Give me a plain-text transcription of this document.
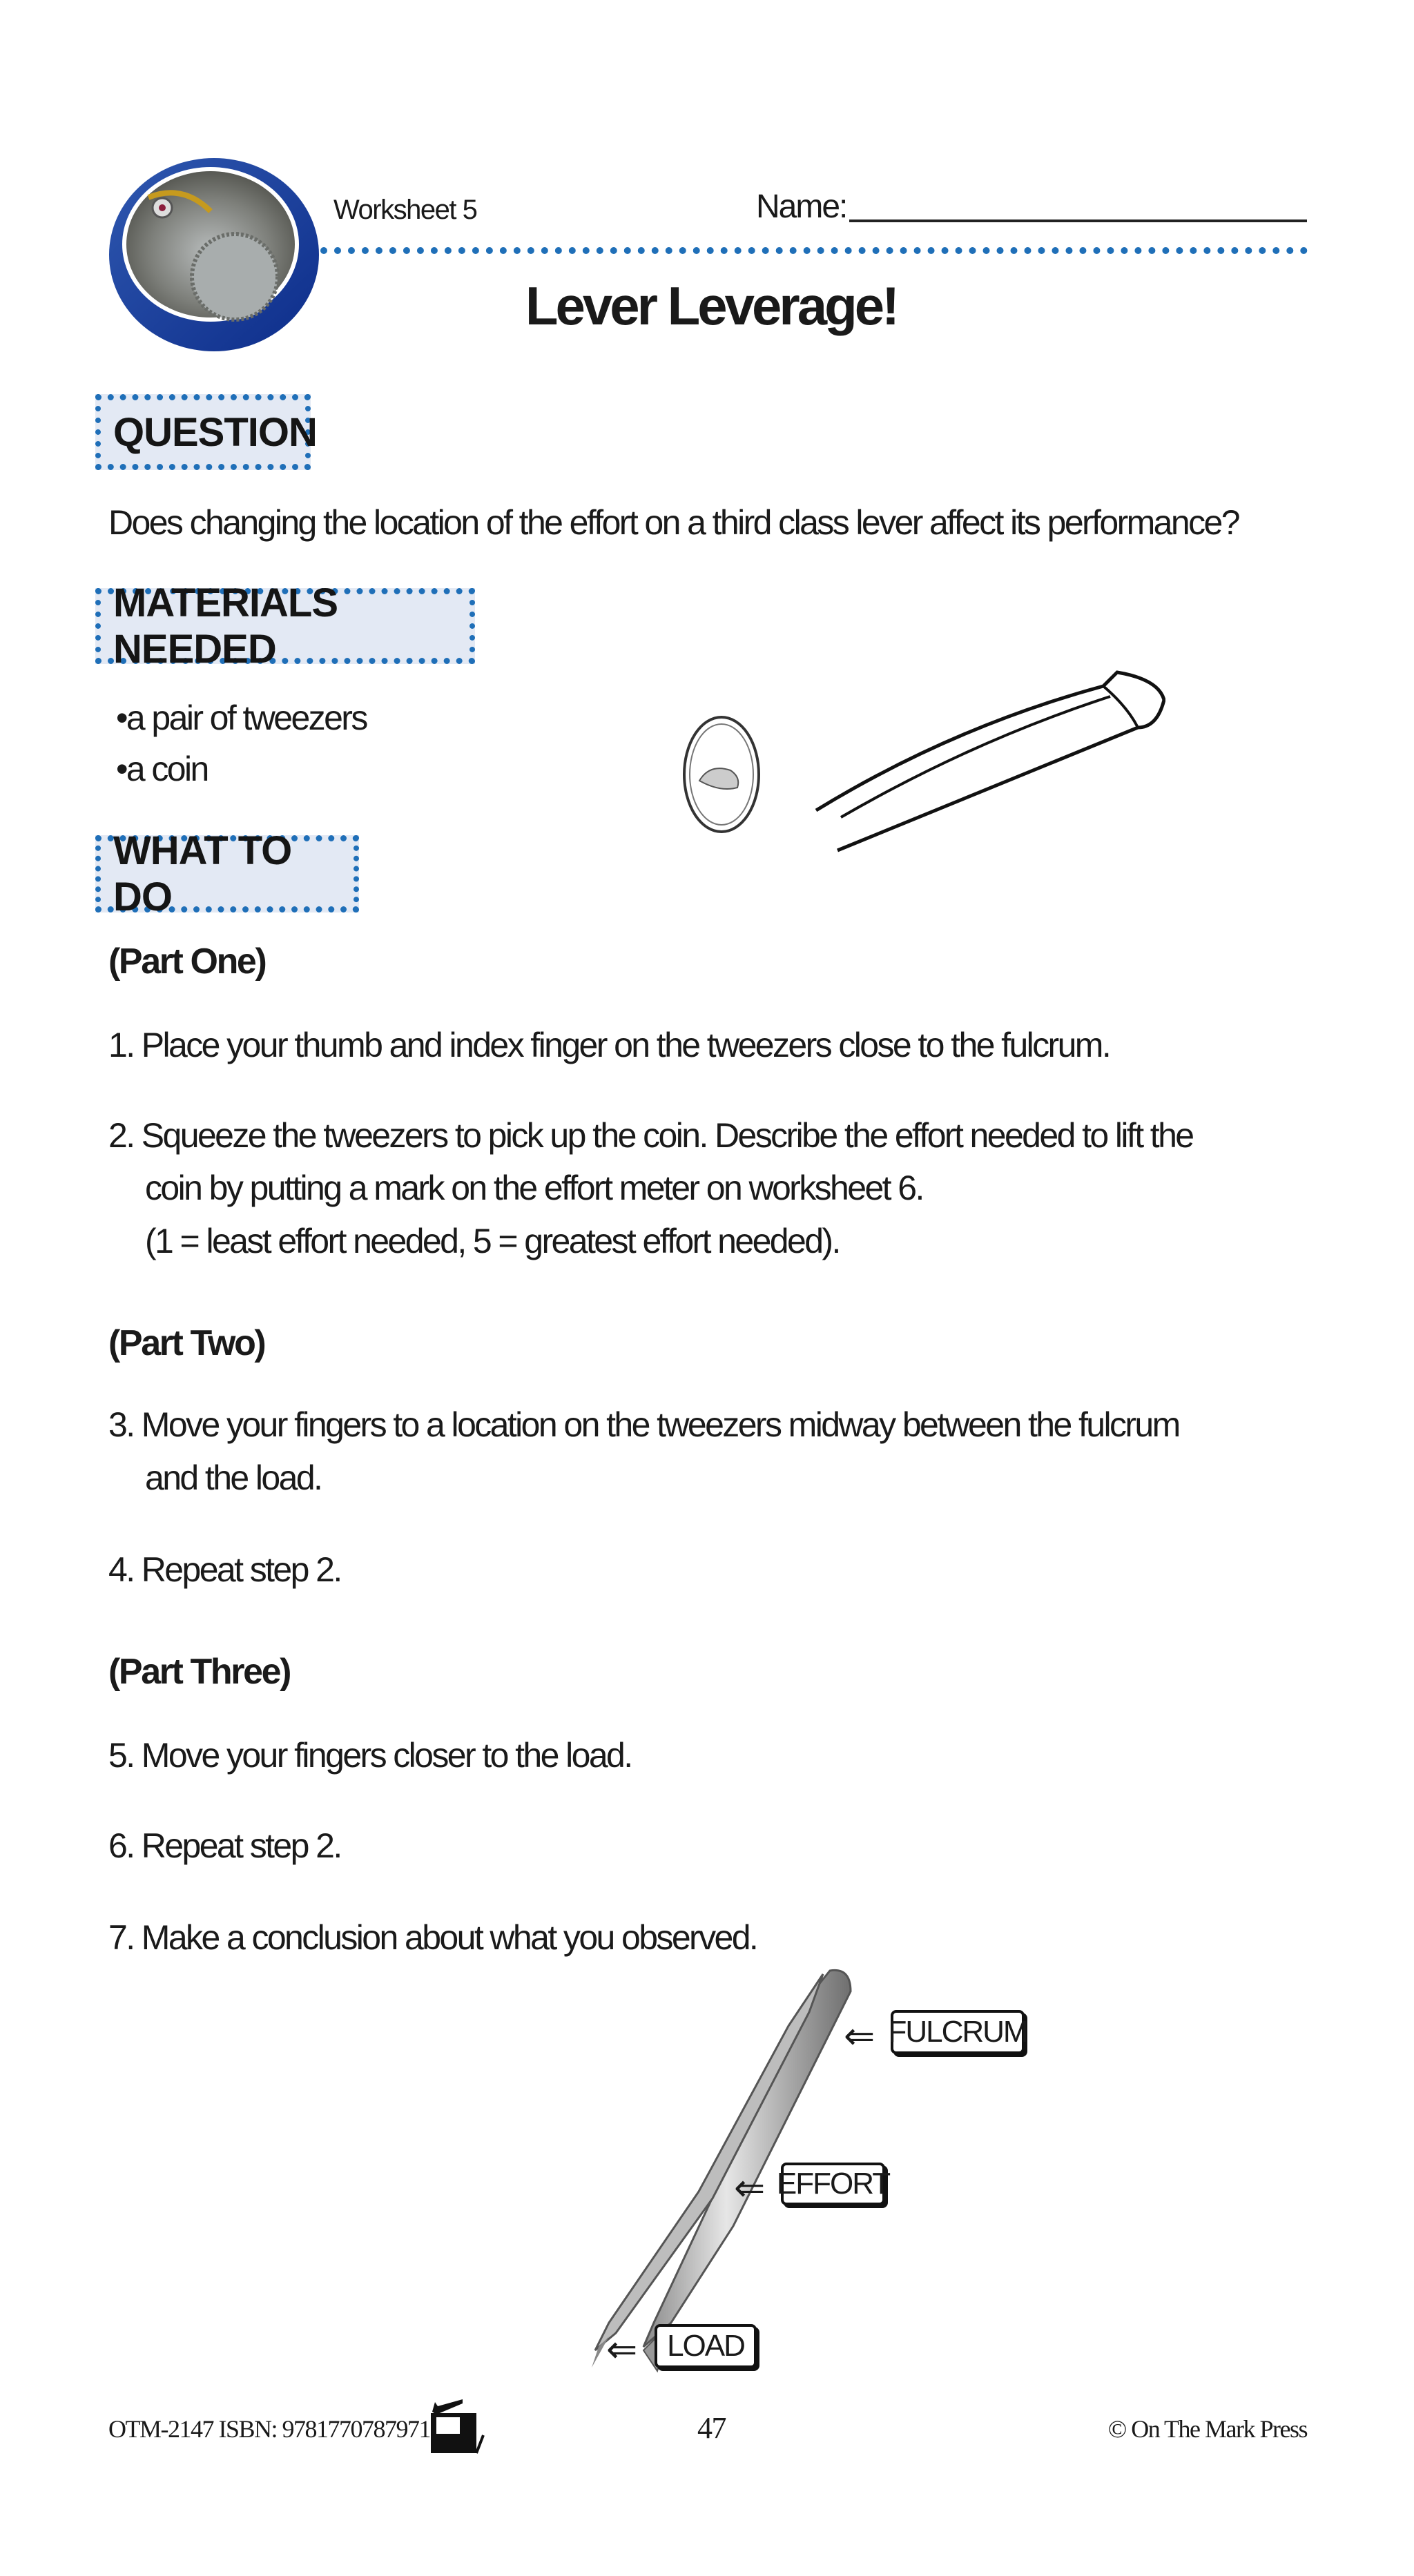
Worksheet 5	Name:
Lever Leverage!
QUESTION
Does changing the location of the effort on a third class lever affect its performance?
MATERIALS NEEDED
•a pair of tweezers
•a coin
WHAT TO DO
(Part One)
1. Place your thumb and index finger on the tweezers close to the fulcrum.
2. Squeeze the tweezers to pick up the coin. Describe the effort needed to lift the
coin by putting a mark on the effort meter on worksheet 6.
(1 = least effort needed, 5 = greatest effort needed).
(Part Two)
3. Move your fingers to a location on the tweezers midway between the fulcrum
and the load.
4. Repeat step 2.
(Part Three)
5. Move your fingers closer to the load.
6. Repeat step 2.
7. Make a conclusion about what you observed.
⇐ FULCRUM
⇐ EFFORT
⇐ LOAD
OTM-2147 ISBN: 9781770787971	47	© On The Mark Press
